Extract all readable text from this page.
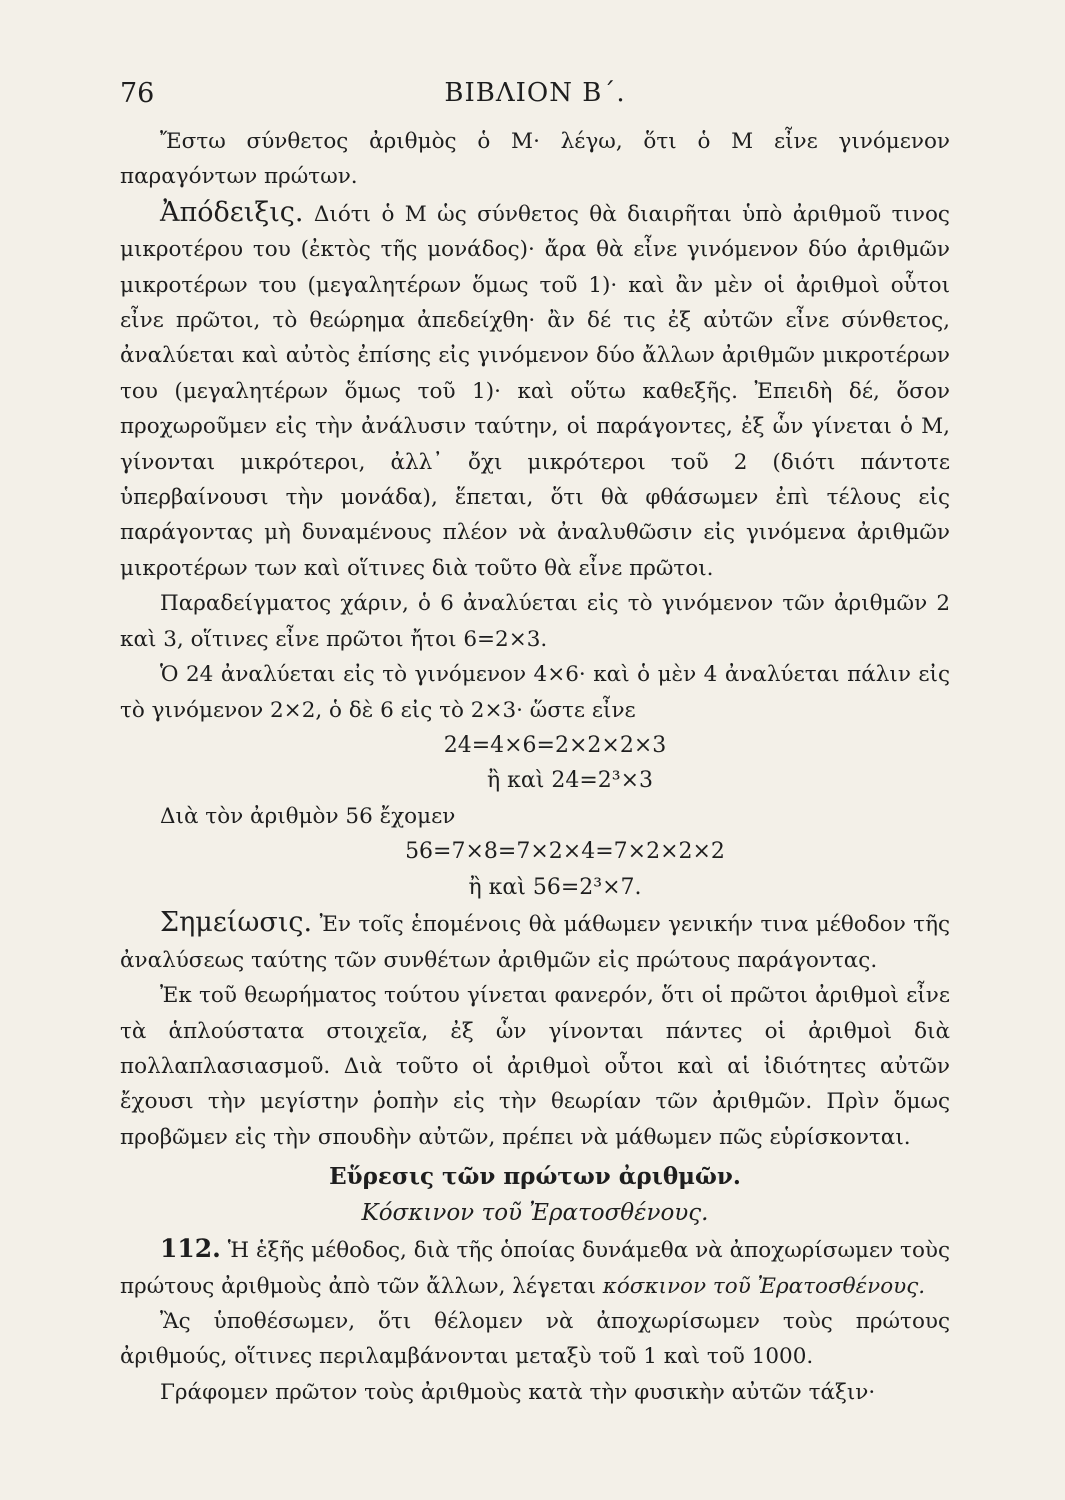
76	ΒΙΒΛΙΟΝ Β΄.

Ἔστω σύνθετος ἀριθμὸς ὁ Μ· λέγω, ὅτι ὁ Μ εἶνε γινόμενον παραγόντων πρώτων.

Ἀπόδειξις. Διότι ὁ Μ ὡς σύνθετος θὰ διαιρῆται ὑπὸ ἀριθμοῦ τινος μικροτέρου του (ἐκτὸς τῆς μονάδος)· ἄρα θὰ εἶνε γινόμενον δύο ἀριθμῶν μικροτέρων του (μεγαλητέρων ὅμως τοῦ 1)· καὶ ἂν μὲν οἱ ἀριθμοὶ οὗτοι εἶνε πρῶτοι, τὸ θεώρημα ἀπεδείχθη· ἂν δέ τις ἐξ αὐτῶν εἶνε σύνθετος, ἀναλύεται καὶ αὐτὸς ἐπίσης εἰς γινόμενον δύο ἄλλων ἀριθμῶν μικροτέρων του (μεγαλητέρων ὅμως τοῦ 1)· καὶ οὕτω καθεξῆς. Ἐπειδὴ δέ, ὅσον προχωροῦμεν εἰς τὴν ἀνάλυσιν ταύτην, οἱ παράγοντες, ἐξ ὧν γίνεται ὁ Μ, γίνονται μικρότεροι, ἀλλ᾽ ὄχι μικρότεροι τοῦ 2 (διότι πάντοτε ὑπερβαίνουσι τὴν μονάδα), ἕπεται, ὅτι θὰ φθάσωμεν ἐπὶ τέλους εἰς παράγοντας μὴ δυναμένους πλέον νὰ ἀναλυθῶσιν εἰς γινόμενα ἀριθμῶν μικροτέρων των καὶ οἵτινες διὰ τοῦτο θὰ εἶνε πρῶτοι.

Παραδείγματος χάριν, ὁ 6 ἀναλύεται εἰς τὸ γινόμενον τῶν ἀριθμῶν 2 καὶ 3, οἵτινες εἶνε πρῶτοι ἤτοι 6=2×3.

Ὁ 24 ἀναλύεται εἰς τὸ γινόμενον 4×6· καὶ ὁ μὲν 4 ἀναλύεται πάλιν εἰς τὸ γινόμενον 2×2, ὁ δὲ 6 εἰς τὸ 2×3· ὥστε εἶνε

24=4×6=2×2×2×3
ἢ καὶ 24=2³×3

Διὰ τὸν ἀριθμὸν 56 ἔχομεν

56=7×8=7×2×4=7×2×2×2
ἢ καὶ 56=2³×7.

Σημείωσις. Ἐν τοῖς ἑπομένοις θὰ μάθωμεν γενικήν τινα μέθοδον τῆς ἀναλύσεως ταύτης τῶν συνθέτων ἀριθμῶν εἰς πρώτους παράγοντας.

Ἐκ τοῦ θεωρήματος τούτου γίνεται φανερόν, ὅτι οἱ πρῶτοι ἀριθμοὶ εἶνε τὰ ἁπλούστατα στοιχεῖα, ἐξ ὧν γίνονται πάντες οἱ ἀριθμοὶ διὰ πολλαπλασιασμοῦ. Διὰ τοῦτο οἱ ἀριθμοὶ οὗτοι καὶ αἱ ἰδιότητες αὐτῶν ἔχουσι τὴν μεγίστην ῥοπὴν εἰς τὴν θεωρίαν τῶν ἀριθμῶν. Πρὶν ὅμως προβῶμεν εἰς τὴν σπουδὴν αὐτῶν, πρέπει νὰ μάθωμεν πῶς εὑρίσκονται.

Εὕρεσις τῶν πρώτων ἀριθμῶν.
Κόσκινον τοῦ Ἐρατοσθένους.

112. Ἡ ἑξῆς μέθοδος, διὰ τῆς ὁποίας δυνάμεθα νὰ ἀποχωρίσωμεν τοὺς πρώτους ἀριθμοὺς ἀπὸ τῶν ἄλλων, λέγεται κόσκινον τοῦ Ἐρατοσθένους.

Ἂς ὑποθέσωμεν, ὅτι θέλομεν νὰ ἀποχωρίσωμεν τοὺς πρώτους ἀριθμούς, οἵτινες περιλαμβάνονται μεταξὺ τοῦ 1 καὶ τοῦ 1000.

Γράφομεν πρῶτον τοὺς ἀριθμοὺς κατὰ τὴν φυσικὴν αὐτῶν τάξιν·
